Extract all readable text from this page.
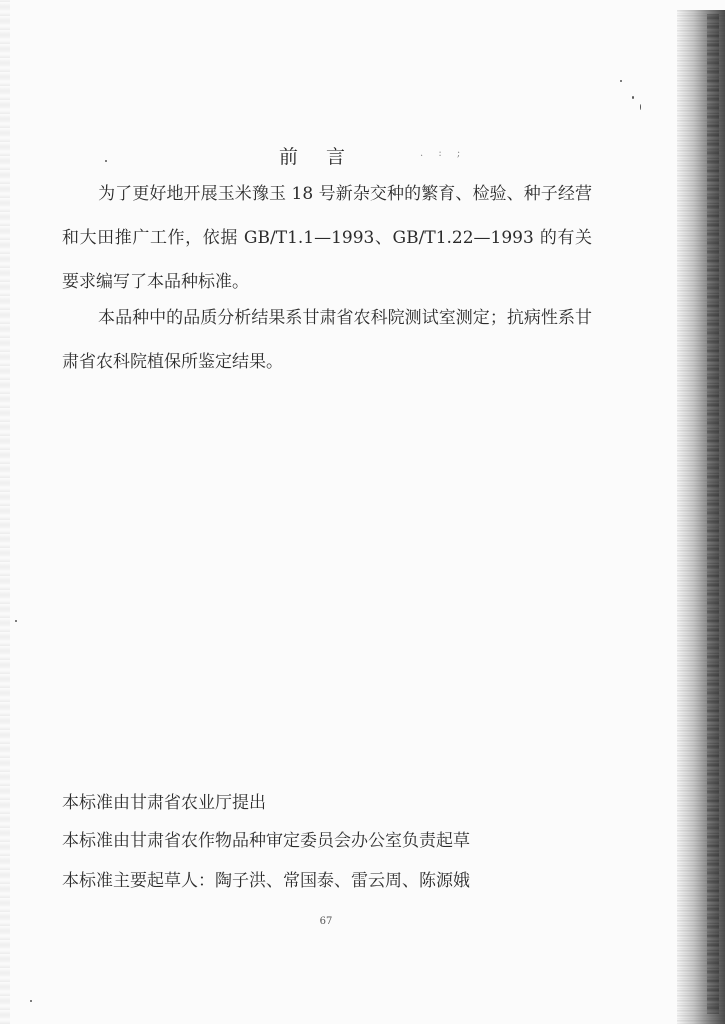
. : ;
前言
为了更好地开展玉米豫玉 18 号新杂交种的繁育、检验、种子经营和大田推广工作，依据 GB/T1.1—1993、GB/T1.22—1993 的有关要求编写了本品种标准。
本品种中的品质分析结果系甘肃省农科院测试室测定；抗病性系甘肃省农科院植保所鉴定结果。
本标准由甘肃省农业厅提出
本标准由甘肃省农作物品种审定委员会办公室负责起草
本标准主要起草人：陶子洪、常国泰、雷云周、陈源娥
67
